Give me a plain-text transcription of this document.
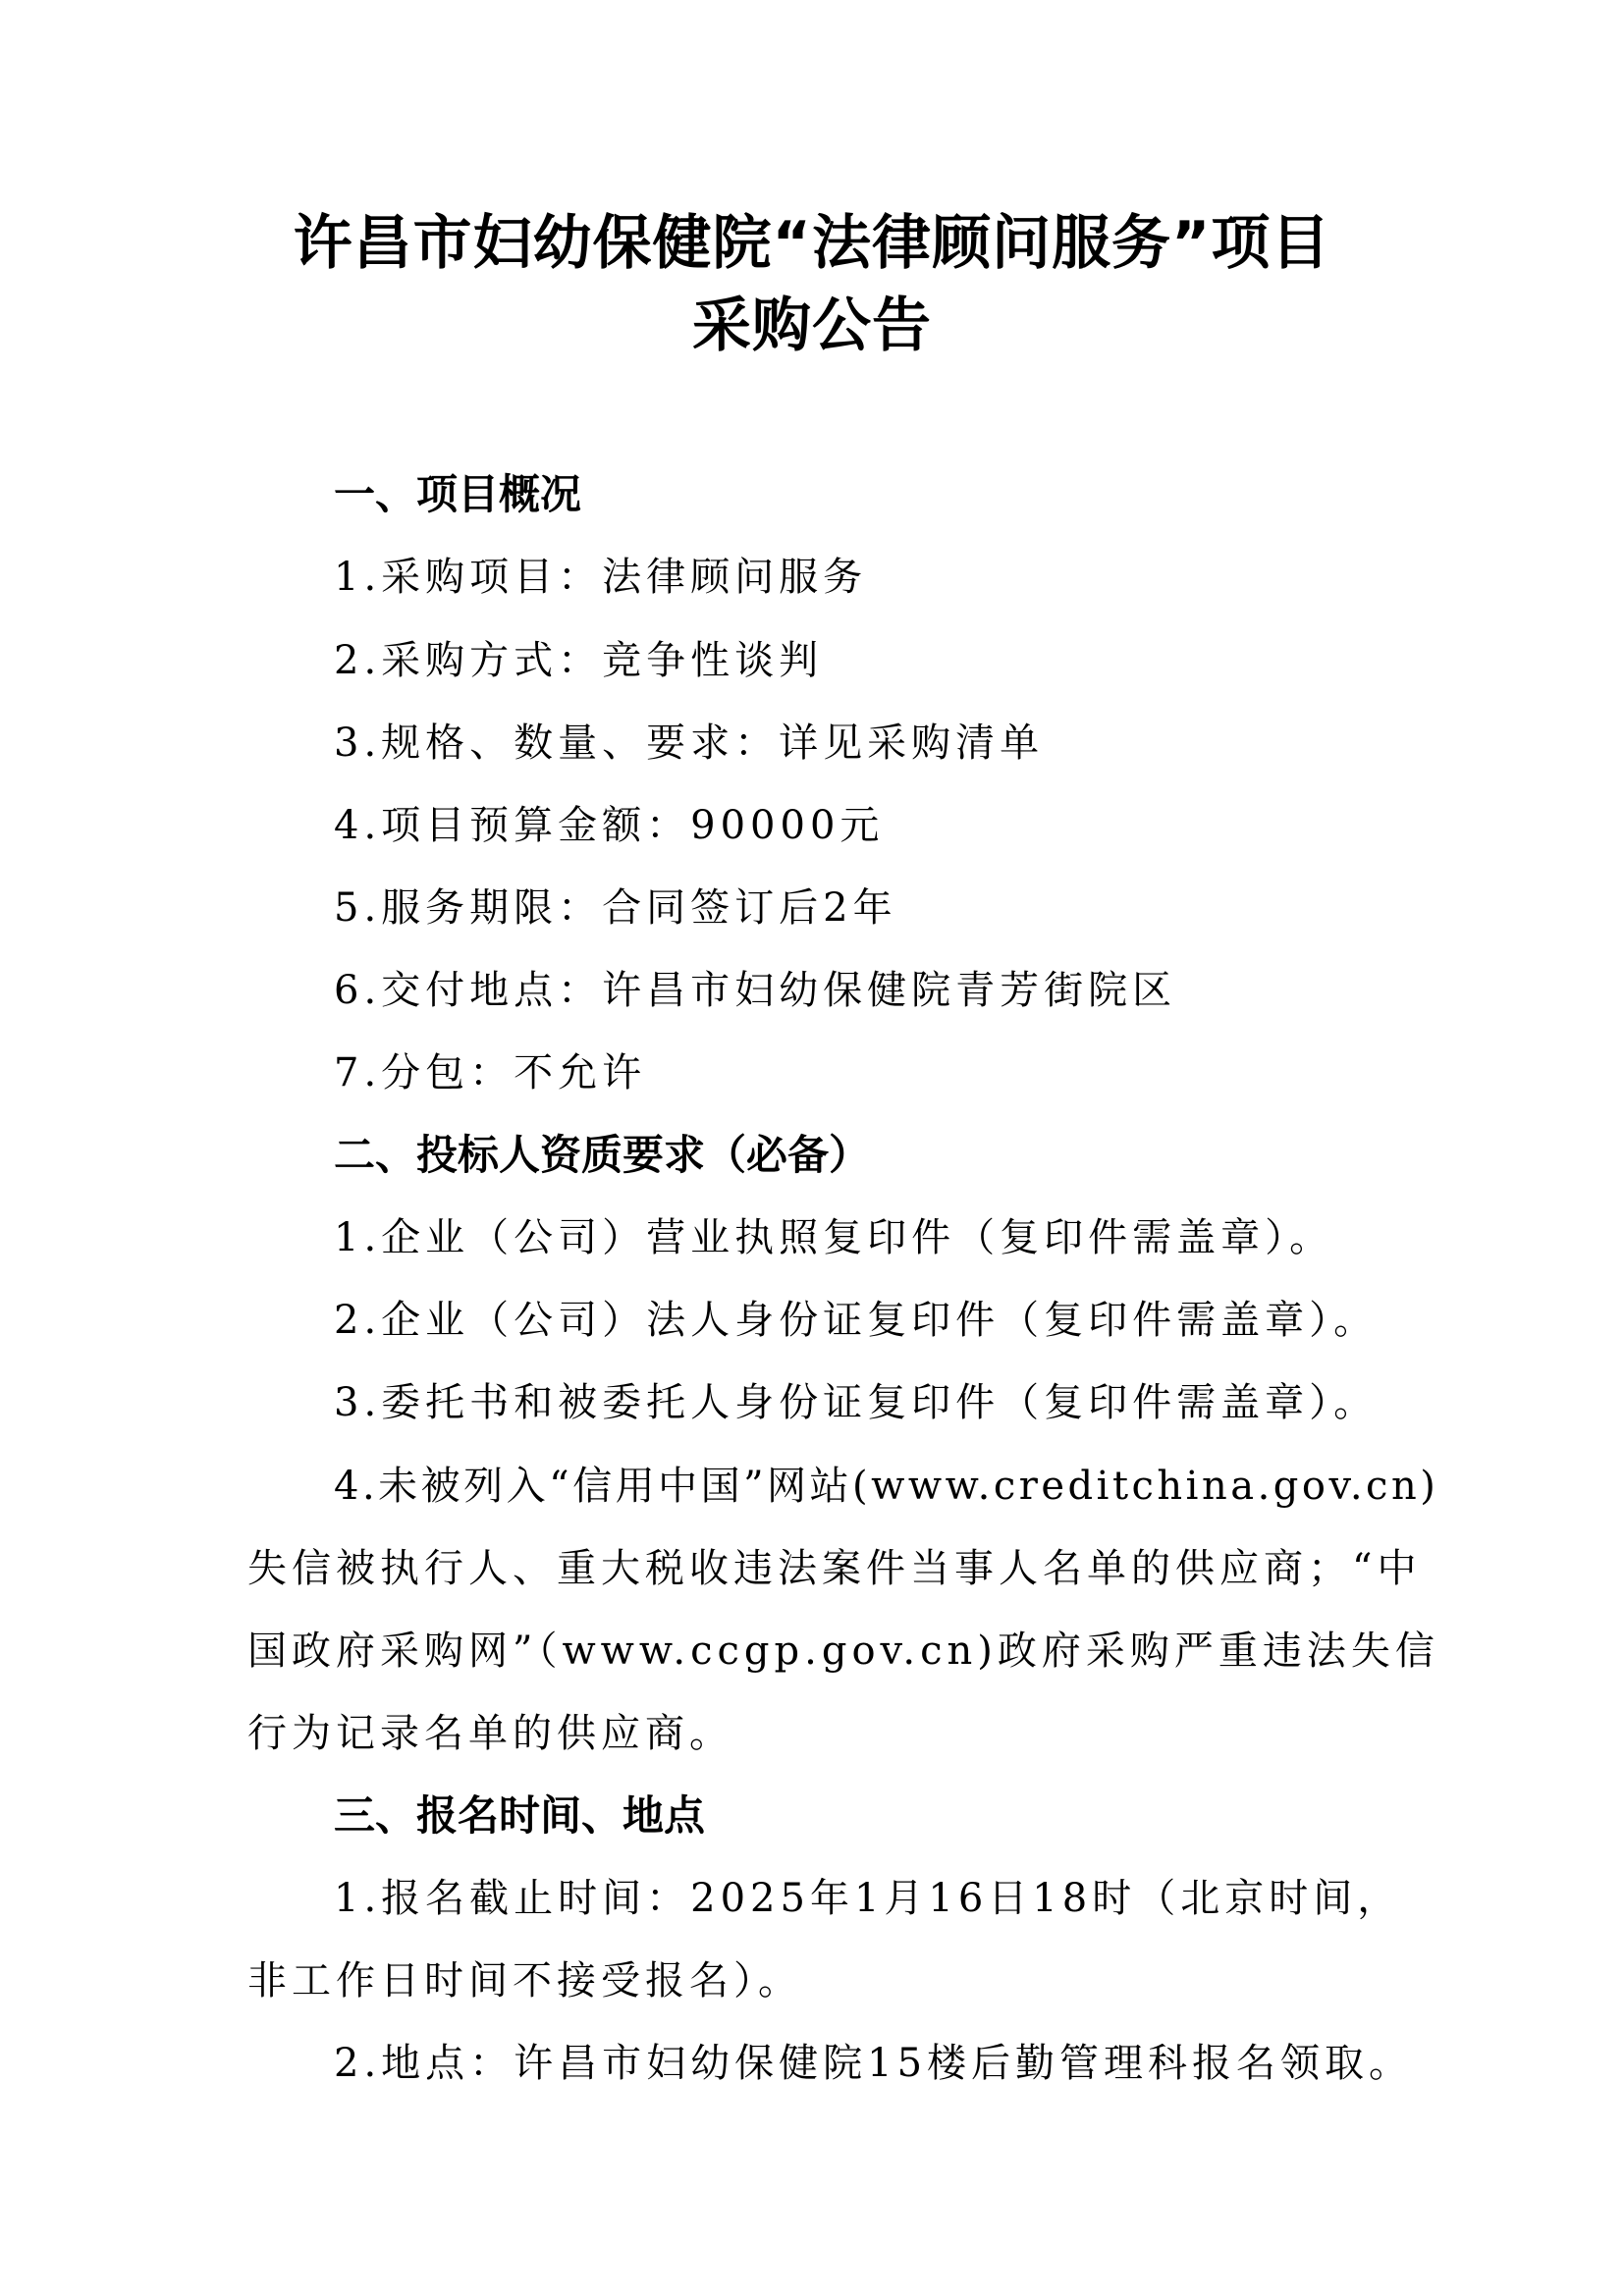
许昌市妇幼保健院“法律顾问服务”项目
采购公告
一、项目概况
1.采购项目：法律顾问服务
2.采购方式：竞争性谈判
3.规格、数量、要求：详见采购清单
4.项目预算金额：90000元
5.服务期限：合同签订后2年
6.交付地点：许昌市妇幼保健院青芳街院区
7.分包：不允许
二、投标人资质要求（必备）
1.企业（公司）营业执照复印件（复印件需盖章）。
2.企业（公司）法人身份证复印件（复印件需盖章）。
3.委托书和被委托人身份证复印件（复印件需盖章）。
4.未被列入“信用中国”网站(www.creditchina.gov.cn)
失信被执行人、重大税收违法案件当事人名单的供应商；“中
国政府采购网”（www.ccgp.gov.cn)政府采购严重违法失信
行为记录名单的供应商。
三、报名时间、地点
1.报名截止时间：2025年1月16日18时（北京时间，
非工作日时间不接受报名）。
2.地点：许昌市妇幼保健院15楼后勤管理科报名领取。
